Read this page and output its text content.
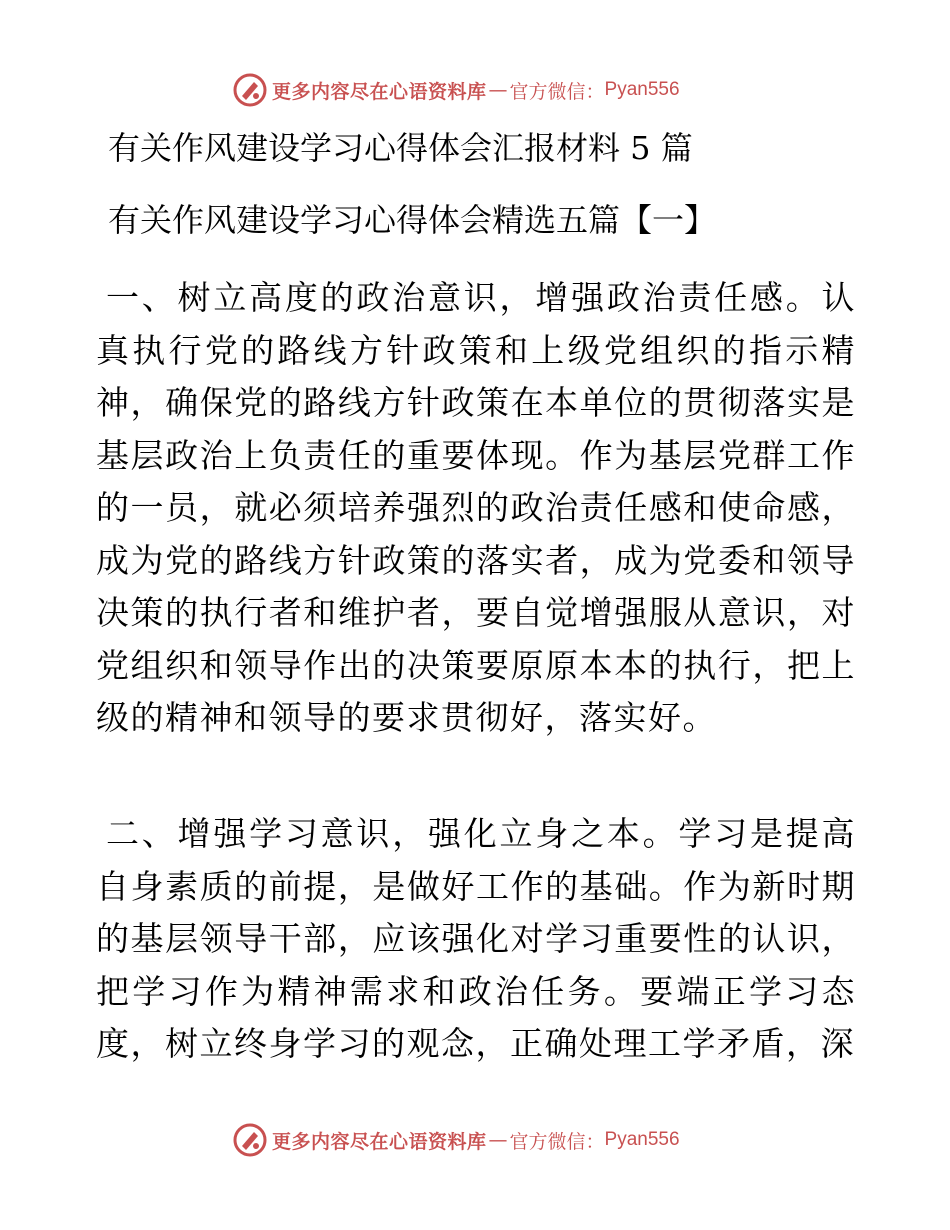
更多内容尽在心语资料库 — 官方微信： Pyan556
有关作风建设学习心得体会汇报材料 5 篇
有关作风建设学习心得体会精选五篇【一】
一、树立高度的政治意识，增强政治责任感。认真执行党的路线方针政策和上级党组织的指示精神，确保党的路线方针政策在本单位的贯彻落实是基层政治上负责任的重要体现。作为基层党群工作的一员，就必须培养强烈的政治责任感和使命感，成为党的路线方针政策的落实者，成为党委和领导决策的执行者和维护者，要自觉增强服从意识，对党组织和领导作出的决策要原原本本的执行，把上级的精神和领导的要求贯彻好，落实好。
二、增强学习意识，强化立身之本。学习是提高自身素质的前提，是做好工作的基础。作为新时期的基层领导干部，应该强化对学习重要性的认识，把学习作为精神需求和政治任务。要端正学习态度，树立终身学习的观念，正确处理工学矛盾，深
更多内容尽在心语资料库 — 官方微信： Pyan556
